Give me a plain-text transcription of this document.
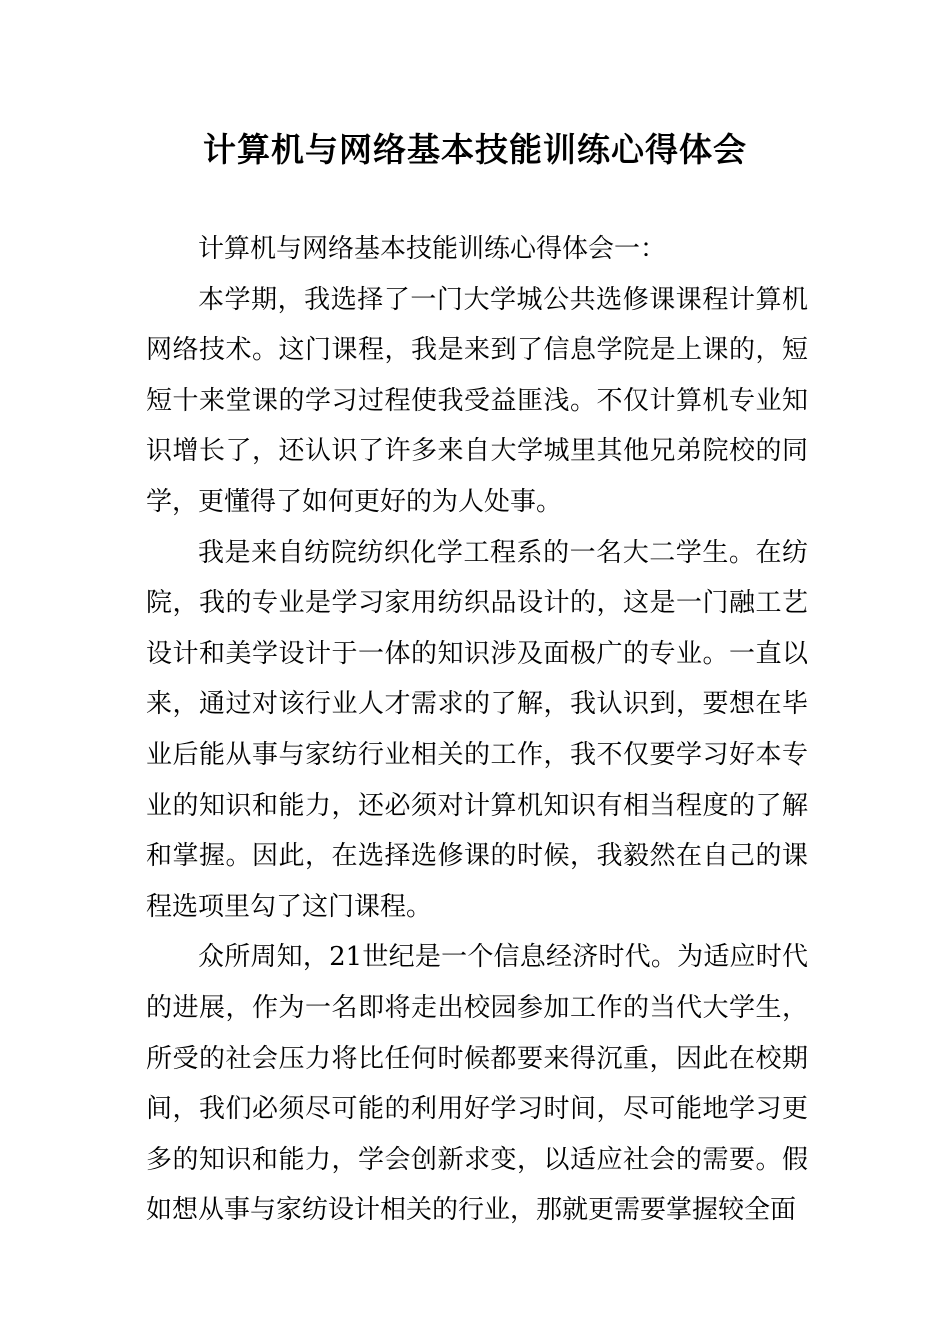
计算机与网络基本技能训练心得体会

计算机与网络基本技能训练心得体会一：

本学期，我选择了一门大学城公共选修课课程计算机网络技术。这门课程，我是来到了信息学院是上课的，短短十来堂课的学习过程使我受益匪浅。不仅计算机专业知识增长了，还认识了许多来自大学城里其他兄弟院校的同学，更懂得了如何更好的为人处事。

我是来自纺院纺织化学工程系的一名大二学生。在纺院，我的专业是学习家用纺织品设计的，这是一门融工艺设计和美学设计于一体的知识涉及面极广的专业。一直以来，通过对该行业人才需求的了解，我认识到，要想在毕业后能从事与家纺行业相关的工作，我不仅要学习好本专业的知识和能力，还必须对计算机知识有相当程度的了解和掌握。因此，在选择选修课的时候，我毅然在自己的课程选项里勾了这门课程。

众所周知，21世纪是一个信息经济时代。为适应时代的进展，作为一名即将走出校园参加工作的当代大学生，所受的社会压力将比任何时候都要来得沉重，因此在校期间，我们必须尽可能的利用好学习时间，尽可能地学习更多的知识和能力，学会创新求变，以适应社会的需要。假如想从事与家纺设计相关的行业，那就更需要掌握较全面
